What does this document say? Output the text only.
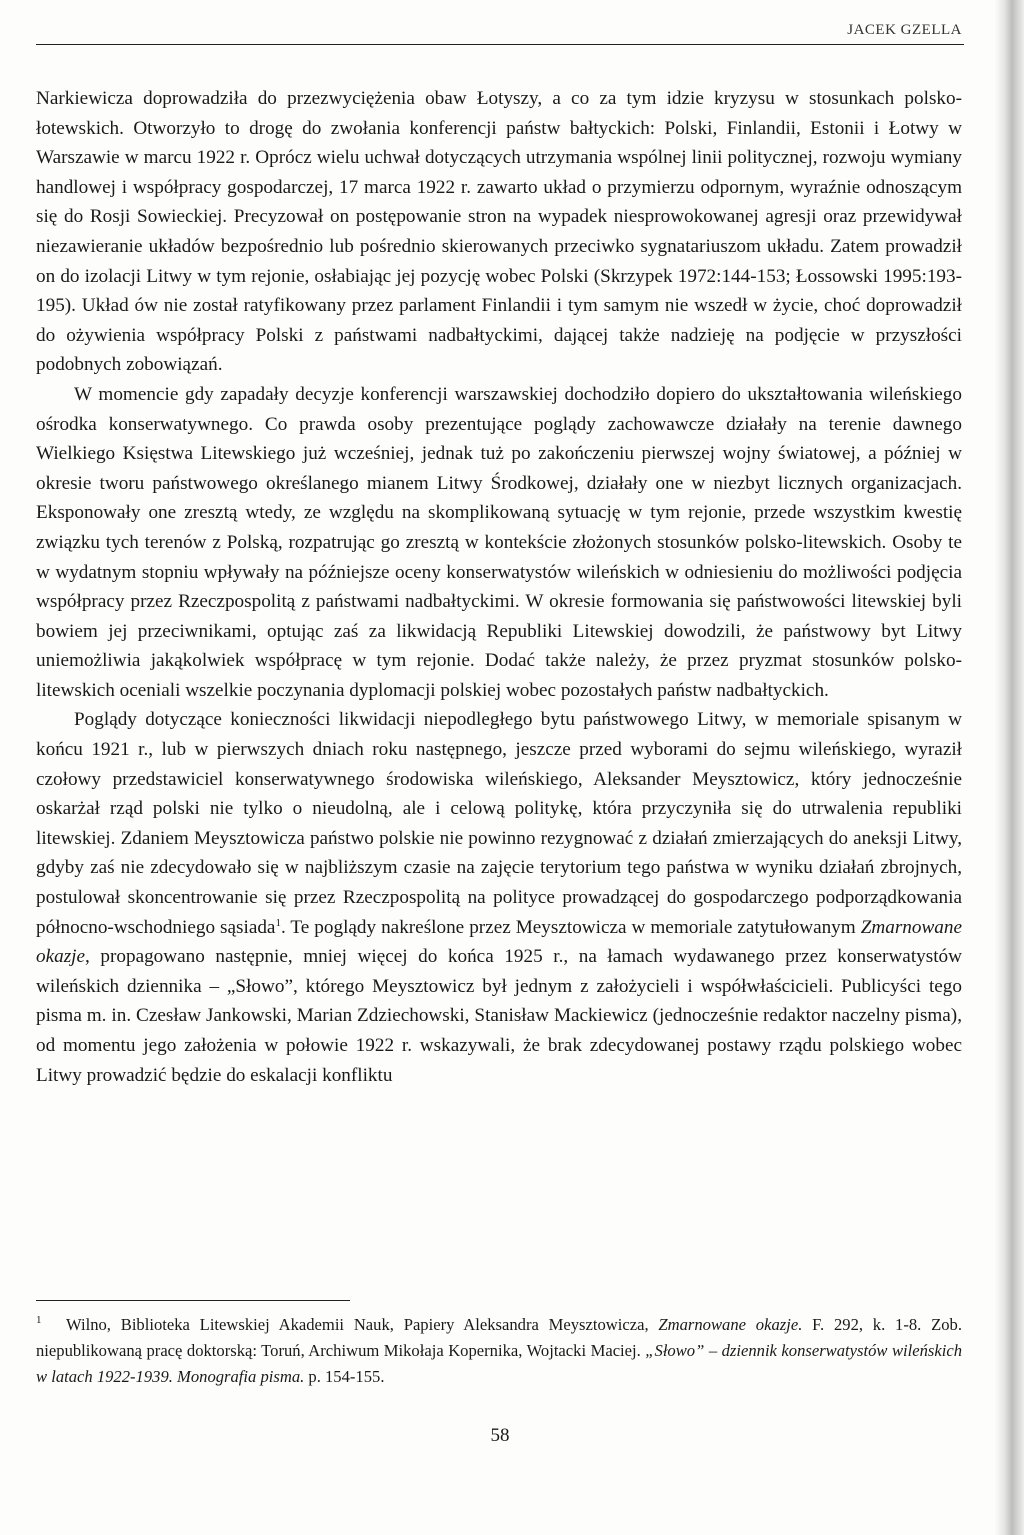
JACEK GZELLA

Narkiewicza doprowadziła do przezwyciężenia obaw Łotyszy, a co za tym idzie kryzysu w stosunkach polsko-łotewskich. Otworzyło to drogę do zwołania konferencji państw bałtyckich: Polski, Finlandii, Estonii i Łotwy w Warszawie w marcu 1922 r. Oprócz wielu uchwał dotyczących utrzymania wspólnej linii politycznej, rozwoju wymiany handlowej i współpracy gospodarczej, 17 marca 1922 r. zawarto układ o przymierzu odpornym, wyraźnie odnoszącym się do Rosji Sowieckiej. Precyzował on postępowanie stron na wypadek niesprowokowanej agresji oraz przewidywał niezawieranie układów bezpośrednio lub pośrednio skierowanych przeciwko sygnatariuszom układu. Zatem prowadził on do izolacji Litwy w tym rejonie, osłabiając jej pozycję wobec Polski (Skrzypek 1972:144-153; Łossowski 1995:193-195). Układ ów nie został ratyfikowany przez parlament Finlandii i tym samym nie wszedł w życie, choć doprowadził do ożywienia współpracy Polski z państwami nadbałtyckimi, dającej także nadzieję na podjęcie w przyszłości podobnych zobowiązań.

W momencie gdy zapadały decyzje konferencji warszawskiej dochodziło dopiero do ukształtowania wileńskiego ośrodka konserwatywnego. Co prawda osoby prezentujące poglądy zachowawcze działały na terenie dawnego Wielkiego Księstwa Litewskiego już wcześniej, jednak tuż po zakończeniu pierwszej wojny światowej, a później w okresie tworu państwowego określanego mianem Litwy Środkowej, działały one w niezbyt licznych organizacjach. Eksponowały one zresztą wtedy, ze względu na skomplikowaną sytuację w tym rejonie, przede wszystkim kwestię związku tych terenów z Polską, rozpatrując go zresztą w kontekście złożonych stosunków polsko-litewskich. Osoby te w wydatnym stopniu wpływały na późniejsze oceny konserwatystów wileńskich w odniesieniu do możliwości podjęcia współpracy przez Rzeczpospolitą z państwami nadbałtyckimi. W okresie formowania się państwowości litewskiej byli bowiem jej przeciwnikami, optując zaś za likwidacją Republiki Litewskiej dowodzili, że państwowy byt Litwy uniemożliwia jakąkolwiek współpracę w tym rejonie. Dodać także należy, że przez pryzmat stosunków polsko-litewskich oceniali wszelkie poczynania dyplomacji polskiej wobec pozostałych państw nadbałtyckich.

Poglądy dotyczące konieczności likwidacji niepodległego bytu państwowego Litwy, w memoriale spisanym w końcu 1921 r., lub w pierwszych dniach roku następnego, jeszcze przed wyborami do sejmu wileńskiego, wyraził czołowy przedstawiciel konserwatywnego środowiska wileńskiego, Aleksander Meysztowicz, który jednocześnie oskarżał rząd polski nie tylko o nieudolną, ale i celową politykę, która przyczyniła się do utrwalenia republiki litewskiej. Zdaniem Meysztowicza państwo polskie nie powinno rezygnować z działań zmierzających do aneksji Litwy, gdyby zaś nie zdecydowało się w najbliższym czasie na zajęcie terytorium tego państwa w wyniku działań zbrojnych, postulował skoncentrowanie się przez Rzeczpospolitą na polityce prowadzącej do gospodarczego podporządkowania północno-wschodniego sąsiada$^1$. Te poglądy nakreślone przez Meysztowicza w memoriale zatytułowanym Zmarnowane okazje, propagowano następnie, mniej więcej do końca 1925 r., na łamach wydawanego przez konserwatystów wileńskich dziennika – „Słowo”, którego Meysztowicz był jednym z założycieli i współwłaścicieli. Publicyści tego pisma m. in. Czesław Jankowski, Marian Zdziechowski, Stanisław Mackiewicz (jednocześnie redaktor naczelny pisma), od momentu jego założenia w połowie 1922 r. wskazywali, że brak zdecydowanej postawy rządu polskiego wobec Litwy prowadzić będzie do eskalacji konfliktu

1 Wilno, Biblioteka Litewskiej Akademii Nauk, Papiery Aleksandra Meysztowicza, Zmarnowane okazje. F. 292, k. 1-8. Zob. niepublikowaną pracę doktorską: Toruń, Archiwum Mikołaja Kopernika, Wojtacki Maciej. „Słowo” – dziennik konserwatystów wileńskich w latach 1922-1939. Monografia pisma. p. 154-155.
58
